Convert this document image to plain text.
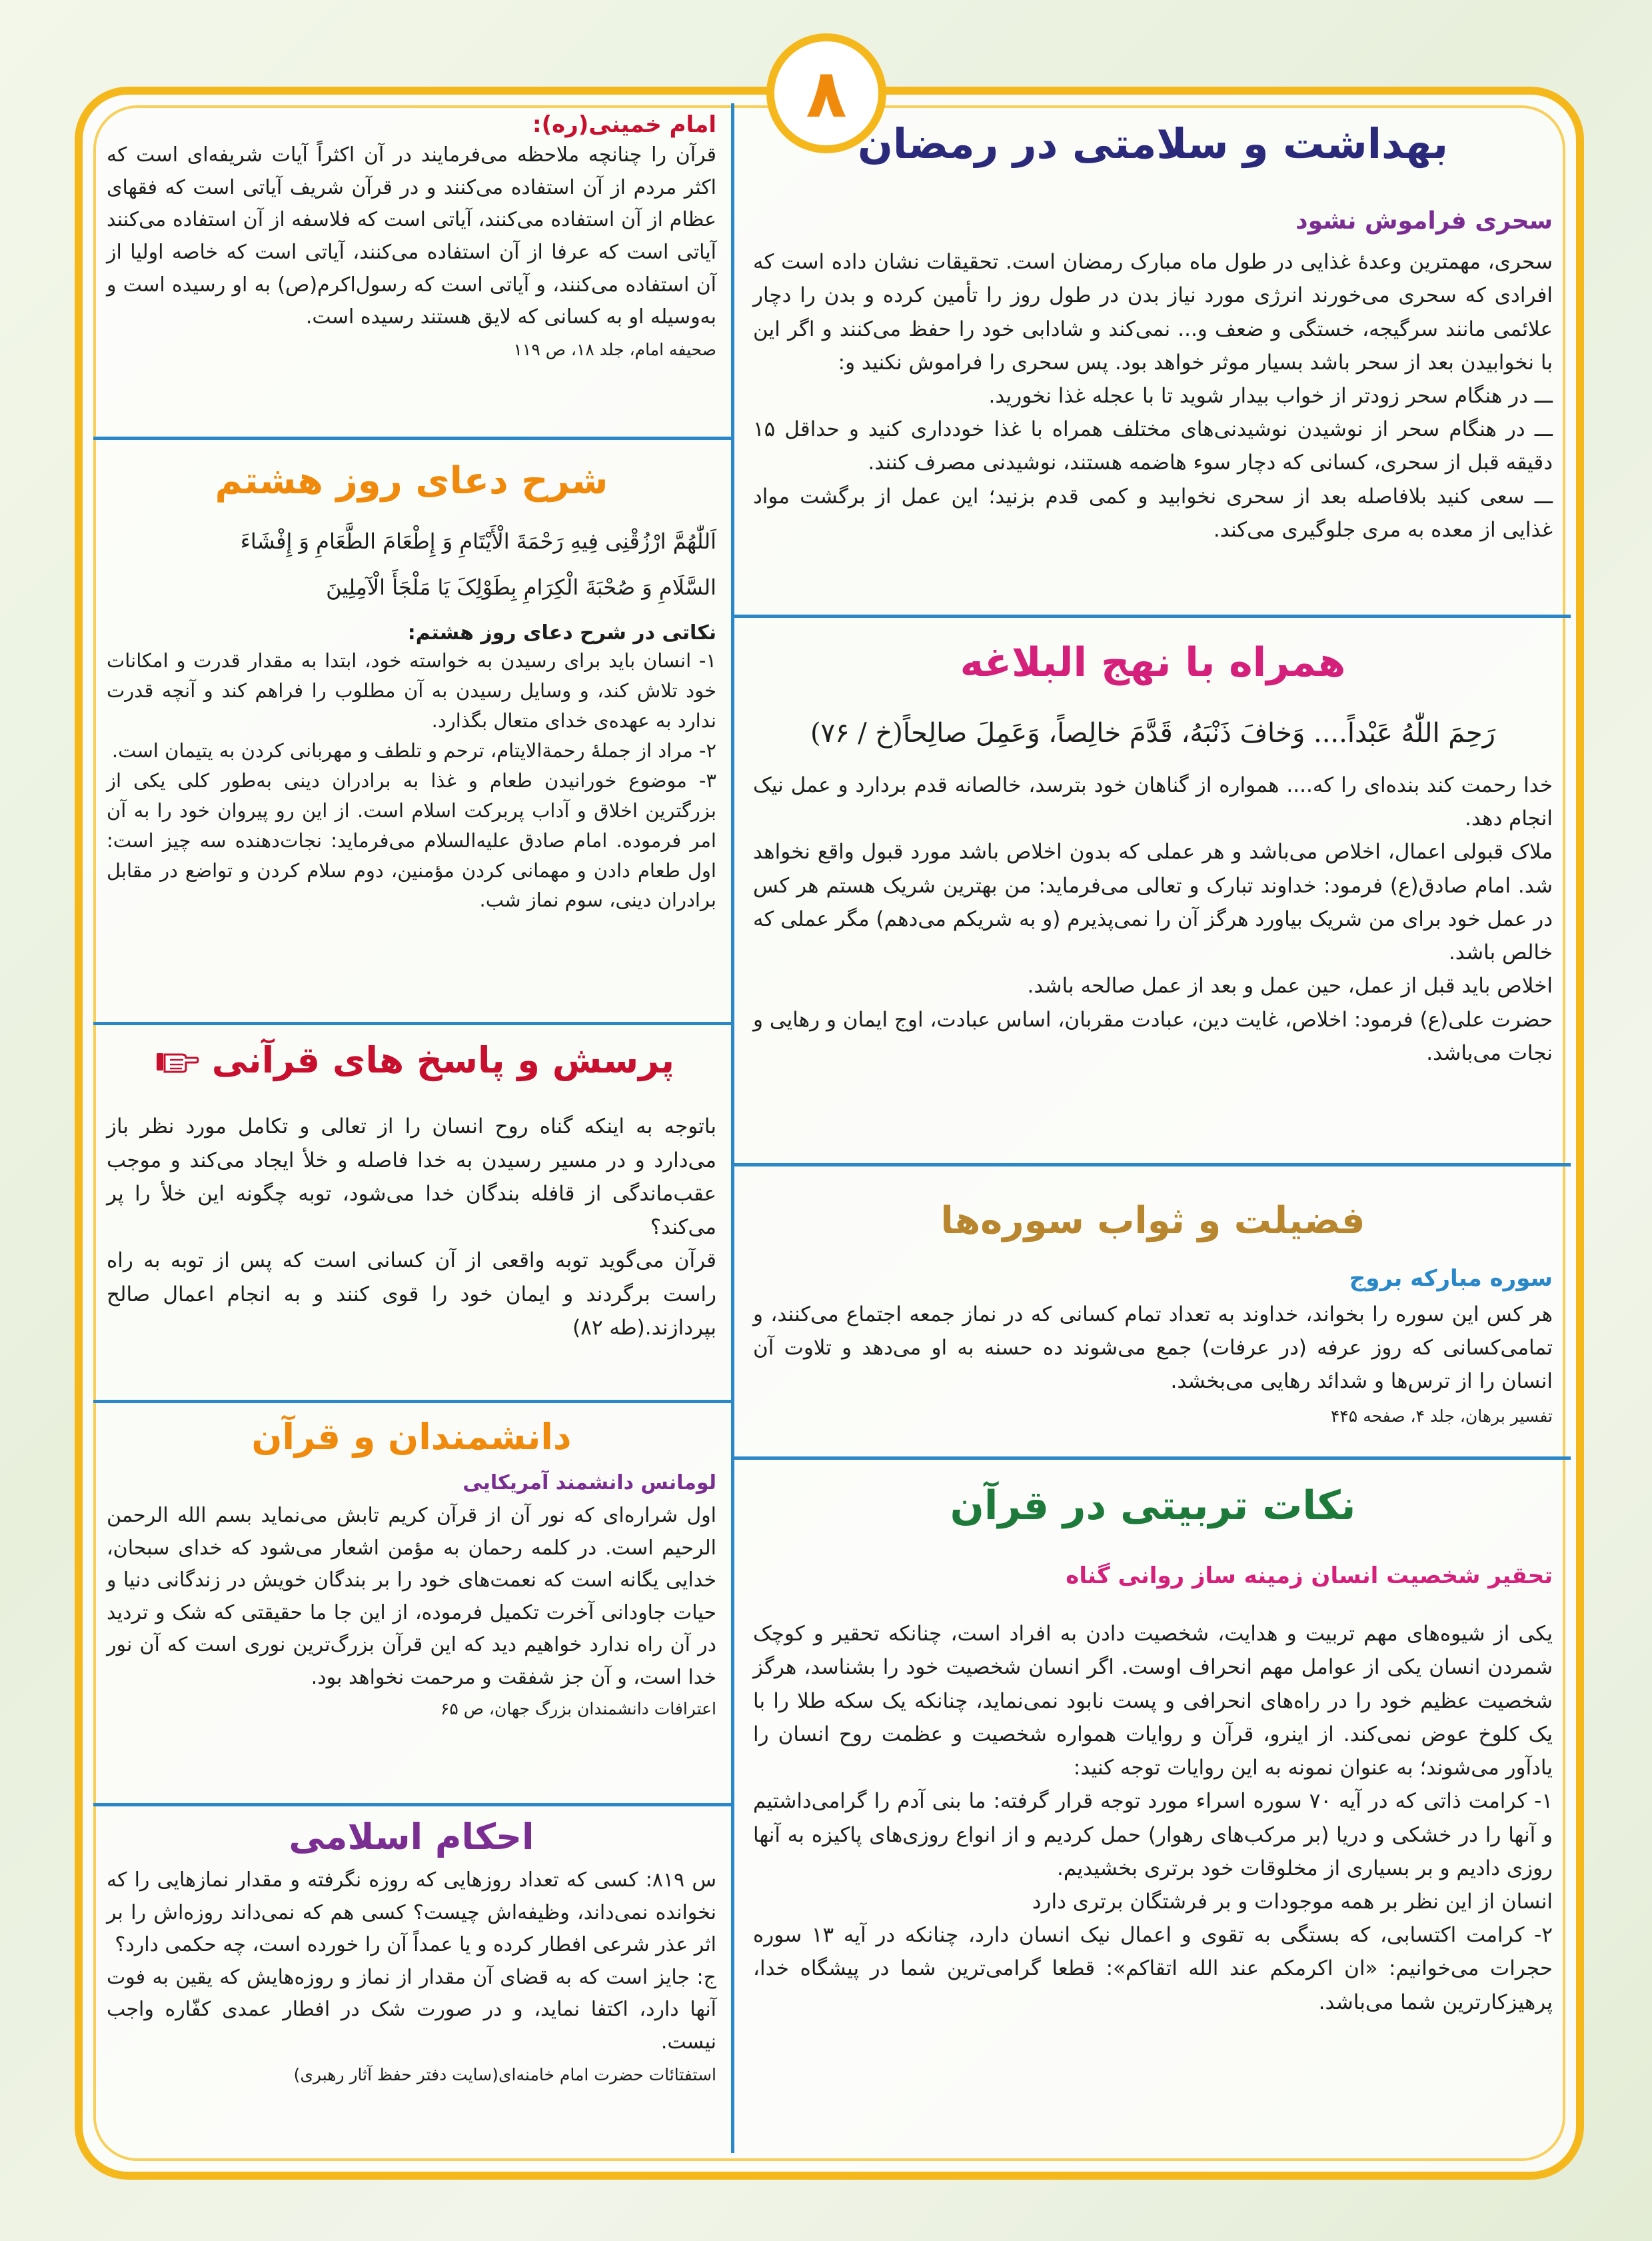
۸
بهداشت و سلامتی در رمضان
سحری فراموش نشود

سحری، مهمترین وعدهٔ غذایی در طول ماه مبارک رمضان است. تحقیقات نشان داده است که افرادی که سحری می‌خورند انرژی مورد نیاز بدن در طول روز را تأمین کرده و بدن را دچار علائمی مانند سرگیجه، خستگی و ضعف و... نمی‌کند و شادابی خود را حفظ می‌کنند و اگر این با نخوابیدن بعد از سحر باشد بسیار موثر خواهد بود. پس سحری را فراموش نکنید و:

ـــ در هنگام سحر زودتر از خواب بیدار شوید تا با عجله غذا نخورید.

ـــ در هنگام سحر از نوشیدن نوشیدنی‌های مختلف همراه با غذا خودداری کنید و حداقل ۱۵ دقیقه قبل از سحری، کسانی که دچار سوء هاضمه هستند، نوشیدنی مصرف کنند.

ـــ سعی کنید بلافاصله بعد از سحری نخوابید و کمی قدم بزنید؛ این عمل از برگشت مواد غذایی از معده به مری جلوگیری می‌کند.

همراه با نهج البلاغه

رَحِمَ اللّٰهُ عَبْداً.... وَخافَ ذَنْبَهُ، قَدَّمَ خالِصاً، وَعَمِلَ صالِحاً(خ / ۷۶)

خدا رحمت کند بنده‌ای را که.... همواره از گناهان خود بترسد، خالصانه قدم بردارد و عمل نیک انجام دهد.

ملاک قبولی اعمال، اخلاص می‌باشد و هر عملی که بدون اخلاص باشد مورد قبول واقع نخواهد شد. امام صادق(ع) فرمود: خداوند تبارک و تعالی می‌فرماید: من بهترین شریک هستم هر کس در عمل خود برای من شریک بیاورد هرگز آن را نمی‌پذیرم (و به شریکم می‌دهم) مگر عملی که خالص باشد.

اخلاص باید قبل از عمل، حین عمل و بعد از عمل صالحه باشد.

حضرت علی(ع) فرمود: اخلاص، غایت دین، عبادت مقربان، اساس عبادت، اوج ایمان و رهایی و نجات می‌باشد.

فضیلت و ثواب سوره‌ها
سوره مبارکه بروج

هر کس این سوره را بخواند، خداوند به تعداد تمام کسانی که در نماز جمعه اجتماع می‌کنند، و تمامی‌کسانی که روز عرفه (در عرفات) جمع می‌شوند ده حسنه به او می‌دهد و تلاوت آن انسان را از ترس‌ها و شدائد رهایی می‌بخشد.

تفسیر برهان، جلد ۴، صفحه ۴۴۵

نکات تربیتی در قرآن
تحقیر شخصیت انسان زمینه ساز روانی گناه

یکی از شیوه‌های مهم تربیت و هدایت، شخصیت دادن به افراد است، چنانکه تحقیر و کوچک شمردن انسان یکی از عوامل مهم انحراف اوست. اگر انسان شخصیت خود را بشناسد، هرگز شخصیت عظیم خود را در راه‌های انحرافی و پست نابود نمی‌نماید، چنانکه یک سکه طلا را با یک کلوخ عوض نمی‌کند. از اینرو، قرآن و روایات همواره شخصیت و عظمت روح انسان را یادآور می‌شوند؛ به عنوان نمونه به این روایات توجه کنید:

۱- کرامت ذاتی که در آیه ۷۰ سوره اسراء مورد توجه قرار گرفته: ما بنی آدم را گرامی‌داشتیم و آنها را در خشکی و دریا (بر مرکب‌های رهوار) حمل کردیم و از انواع روزی‌های پاکیزه به آنها روزی دادیم و بر بسیاری از مخلوقات خود برتری بخشیدیم.

انسان از این نظر بر همه موجودات و بر فرشتگان برتری دارد

۲- کرامت اکتسابی، که بستگی به تقوی و اعمال نیک انسان دارد، چنانکه در آیه ۱۳ سوره حجرات می‌خوانیم: «ان اکرمکم عند الله اتقاکم»: قطعا گرامی‌ترین شما در پیشگاه خدا، پرهیزکارترین شما می‌باشد.

امام خمینی(ره):

قرآن را چنانچه ملاحظه می‌فرمایند در آن اکثراً آیات شریفه‌ای است که اکثر مردم از آن استفاده می‌کنند و در قرآن شریف آیاتی است که فقهای عظام از آن استفاده می‌کنند، آیاتی است که فلاسفه از آن استفاده می‌کنند آیاتی است که عرفا از آن استفاده می‌کنند، آیاتی است که خاصه اولیا از آن استفاده می‌کنند، و آیاتی است که رسول‌اکرم(ص) به او رسیده است و به‌وسیله او به کسانی که لایق هستند رسیده است.

صحیفه امام، جلد ۱۸، ص ۱۱۹

شرح دعای روز هشتم

اَللّٰهُمَّ ارْزُقْنِی فِیهِ رَحْمَةَ الْأَیْتَامِ وَ إِطْعَامَ الطَّعَامِ وَ إِفْشَاءَ

السَّلَامِ وَ صُحْبَةَ الْکِرَامِ بِطَوْلِکَ یَا مَلْجَأَ الْآمِلِینَ

نکاتی در شرح دعای روز هشتم:

۱- انسان باید برای رسیدن به خواسته خود، ابتدا به مقدار قدرت و امکانات خود تلاش کند، و وسایل رسیدن به آن مطلوب را فراهم کند و آنچه قدرت ندارد به عهده‌ی خدای متعال بگذارد.

۲- مراد از جملهٔ رحمة‌الایتام، ترحم و تلطف و مهربانی کردن به یتیمان است.

۳- موضوع خورانیدن طعام و غذا به برادران دینی به‌طور کلی یکی از بزرگترین اخلاق و آداب پربرکت اسلام است. از این رو پیروان خود را به آن امر فرموده. امام صادق علیه‌السلام می‌فرماید: نجات‌دهنده سه چیز است: اول طعام دادن و مهمانی کردن مؤمنین، دوم سلام کردن و تواضع در مقابل برادران دینی، سوم نماز شب.

پرسش و پاسخ های قرآنی

باتوجه به اینکه گناه روح انسان را از تعالی و تکامل مورد نظر باز می‌دارد و در مسیر رسیدن به خدا فاصله و خلأ ایجاد می‌کند و موجب عقب‌ماندگی از قافله بندگان خدا می‌شود، توبه چگونه این خلأ را پر می‌کند؟

قرآن می‌گوید توبه واقعی از آن کسانی است که پس از توبه به راه راست برگردند و ایمان خود را قوی کنند و به انجام اعمال صالح بپردازند.(طه ۸۲)

دانشمندان و قرآن
لومانس دانشمند آمریکایی

اول شراره‌ای که نور آن از قرآن کریم تابش می‌نماید بسم الله الرحمن الرحیم است. در کلمه رحمان به مؤمن اشعار می‌شود که خدای سبحان، خدایی یگانه است که نعمت‌های خود را بر بندگان خویش در زندگانی دنیا و حیات جاودانی آخرت تکمیل فرموده، از این جا ما حقیقتی که شک و تردید در آن راه ندارد خواهیم دید که این قرآن بزرگ‌ترین نوری است که آن نور خدا است، و آن جز شفقت و مرحمت نخواهد بود.

اعترافات دانشمندان بزرگ جهان، ص ۶۵

احکام اسلامی

س ۸۱۹: کسی که تعداد روزهایی که روزه نگرفته و مقدار نمازهایی را که نخوانده نمی‌داند، وظیفه‌اش چیست؟ کسی هم که نمی‌داند روزه‌اش را بر اثر عذر شرعی افطار کرده و یا عمداً آن را خورده است، چه حکمی دارد؟

ج: جایز است که به قضای آن مقدار از نماز و روزه‌هایش که یقین به فوت آنها دارد، اکتفا نماید، و در صورت شک در افطار عمدی کفّاره واجب نیست.

استفتائات حضرت امام خامنه‌ای(سایت دفتر حفظ آثار رهبری)
